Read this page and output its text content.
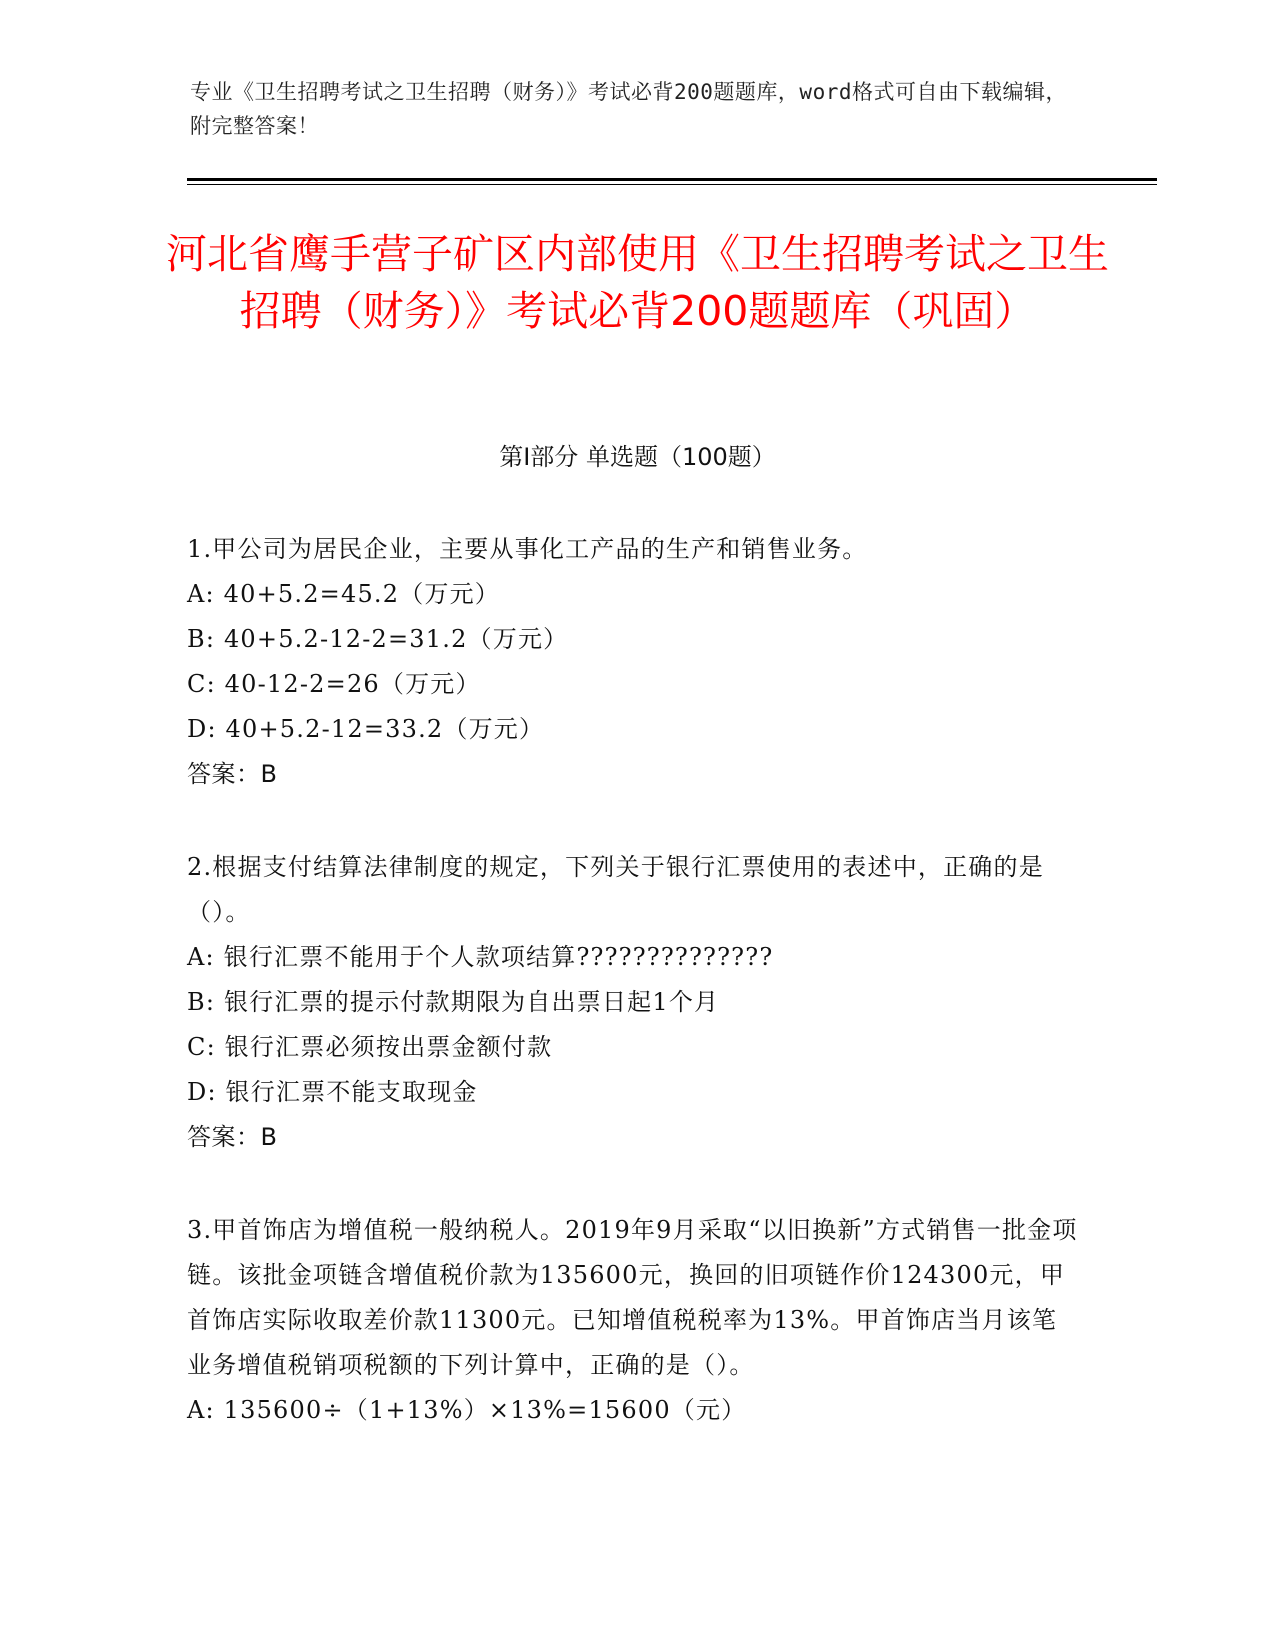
专业《卫生招聘考试之卫生招聘（财务）》考试必背200题题库，word格式可自由下载编辑，附完整答案！
河北省鹰手营子矿区内部使用《卫生招聘考试之卫生招聘（财务）》考试必背200题题库（巩固）
第Ⅰ部分 单选题（100题）
1.甲公司为居民企业，主要从事化工产品的生产和销售业务。
A: 40+5.2=45.2（万元）
B: 40+5.2-12-2=31.2（万元）
C: 40-12-2=26（万元）
D: 40+5.2-12=33.2（万元）
答案：B
2.根据支付结算法律制度的规定，下列关于银行汇票使用的表述中，正确的是（）。
A: 银行汇票不能用于个人款项结算??????????????
B: 银行汇票的提示付款期限为自出票日起1个月
C: 银行汇票必须按出票金额付款
D: 银行汇票不能支取现金
答案：B
3.甲首饰店为增值税一般纳税人。2019年9月采取“以旧换新”方式销售一批金项链。该批金项链含增值税价款为135600元，换回的旧项链作价124300元，甲首饰店实际收取差价款11300元。已知增值税税率为13%。甲首饰店当月该笔业务增值税销项税额的下列计算中，正确的是（）。
A: 135600÷（1+13%）×13%=15600（元）
